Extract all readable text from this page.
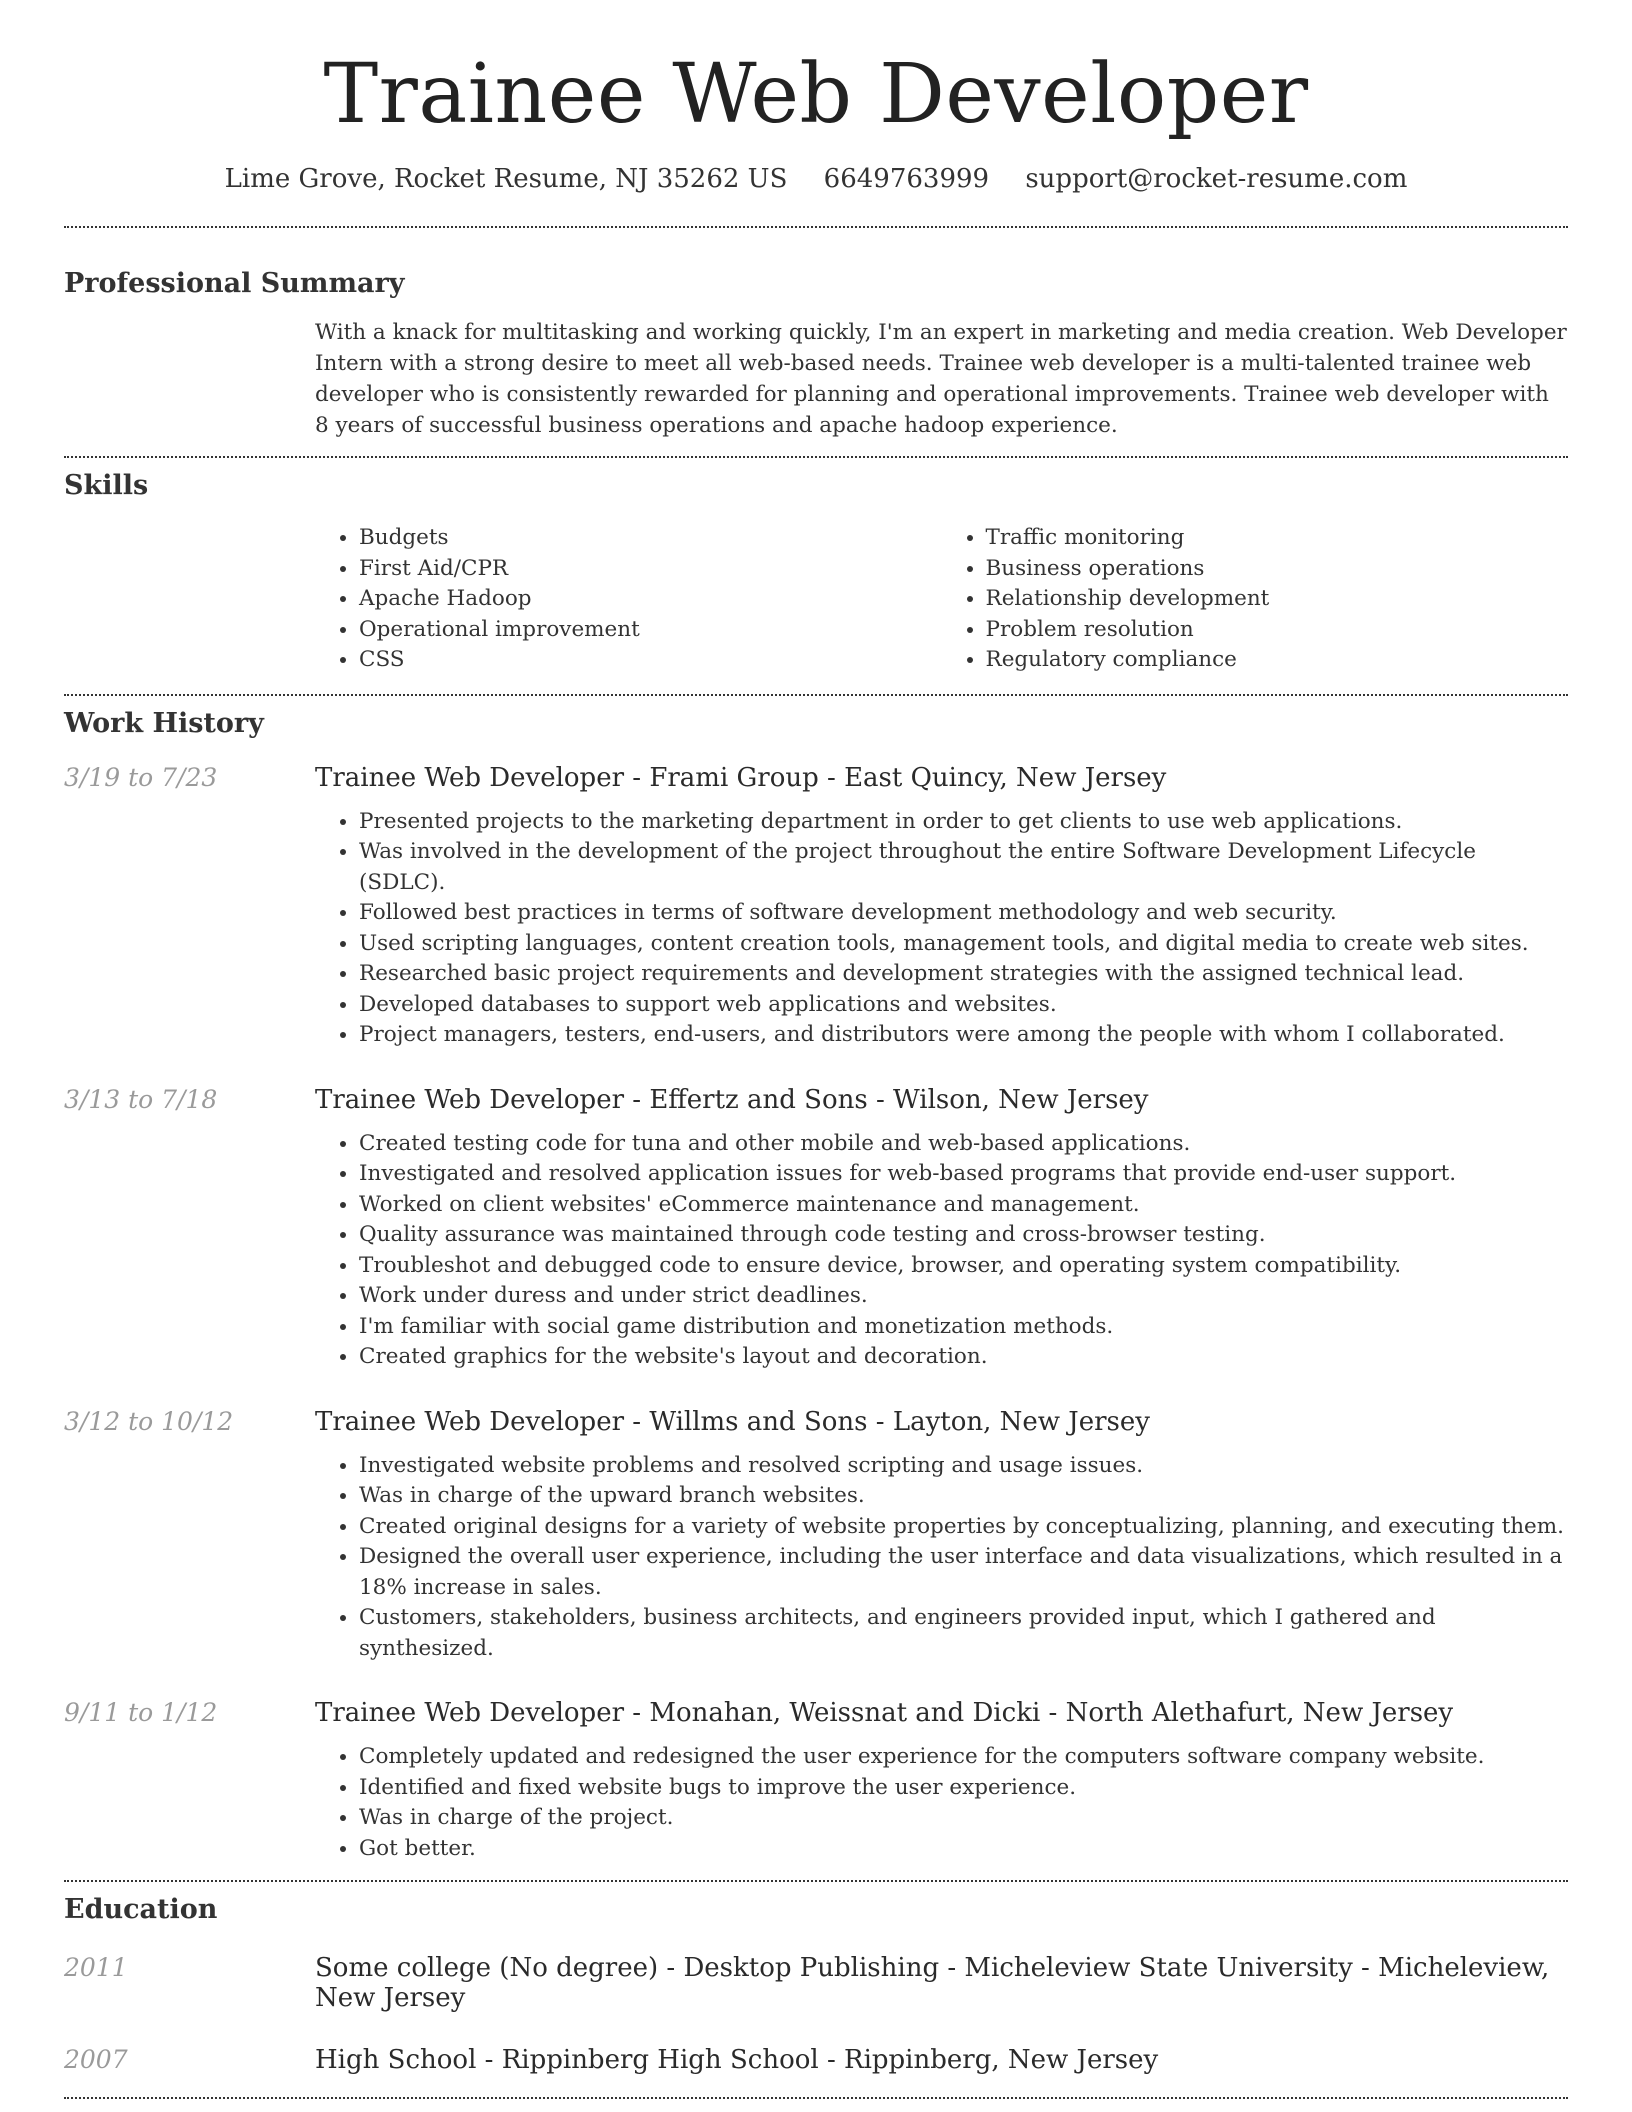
Trainee Web Developer
Lime Grove, Rocket Resume, NJ 35262 US 6649763999 support@rocket-resume.com
Professional Summary
With a knack for multitasking and working quickly, I'm an expert in marketing and media creation. Web Developer Intern with a strong desire to meet all web-based needs. Trainee web developer is a multi-talented trainee web developer who is consistently rewarded for planning and operational improvements. Trainee web developer with 8 years of successful business operations and apache hadoop experience.
Skills
• Budgets
• First Aid/CPR
• Apache Hadoop
• Operational improvement
• CSS
• Traffic monitoring
• Business operations
• Relationship development
• Problem resolution
• Regulatory compliance
Work History
3/19 to 7/23	Trainee Web Developer - Frami Group - East Quincy, New Jersey
• Presented projects to the marketing department in order to get clients to use web applications.
• Was involved in the development of the project throughout the entire Software Development Lifecycle (SDLC).
• Followed best practices in terms of software development methodology and web security.
• Used scripting languages, content creation tools, management tools, and digital media to create web sites.
• Researched basic project requirements and development strategies with the assigned technical lead.
• Developed databases to support web applications and websites.
• Project managers, testers, end-users, and distributors were among the people with whom I collaborated.
3/13 to 7/18	Trainee Web Developer - Effertz and Sons - Wilson, New Jersey
• Created testing code for tuna and other mobile and web-based applications.
• Investigated and resolved application issues for web-based programs that provide end-user support.
• Worked on client websites' eCommerce maintenance and management.
• Quality assurance was maintained through code testing and cross-browser testing.
• Troubleshot and debugged code to ensure device, browser, and operating system compatibility.
• Work under duress and under strict deadlines.
• I'm familiar with social game distribution and monetization methods.
• Created graphics for the website's layout and decoration.
3/12 to 10/12	Trainee Web Developer - Willms and Sons - Layton, New Jersey
• Investigated website problems and resolved scripting and usage issues.
• Was in charge of the upward branch websites.
• Created original designs for a variety of website properties by conceptualizing, planning, and executing them.
• Designed the overall user experience, including the user interface and data visualizations, which resulted in a 18% increase in sales.
• Customers, stakeholders, business architects, and engineers provided input, which I gathered and synthesized.
9/11 to 1/12	Trainee Web Developer - Monahan, Weissnat and Dicki - North Alethafurt, New Jersey
• Completely updated and redesigned the user experience for the computers software company website.
• Identified and fixed website bugs to improve the user experience.
• Was in charge of the project.
• Got better.
Education
2011	Some college (No degree) - Desktop Publishing - Micheleview State University - Micheleview, New Jersey
2007	High School - Rippinberg High School - Rippinberg, New Jersey
